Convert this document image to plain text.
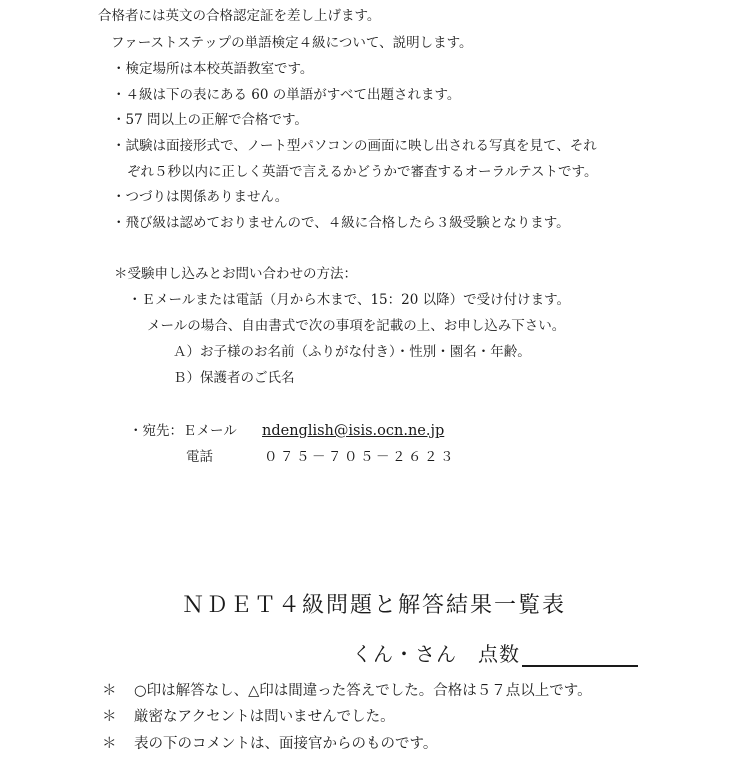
合格者には英文の合格認定証を差し上げます。
ファーストステップの単語検定４級について、説明します。
・検定場所は本校英語教室です。
・４級は下の表にある 60 の単語がすべて出題されます。
・57 問以上の正解で合格です。
・試験は面接形式で、ノート型パソコンの画面に映し出される写真を見て、それ
ぞれ５秒以内に正しく英語で言えるかどうかで審査するオーラルテストです。
・つづりは関係ありません。
・飛び級は認めておりませんので、４級に合格したら３級受験となります。
＊受験申し込みとお問い合わせの方法：
・Ｅメールまたは電話（月から木まで、15：20 以降）で受け付けます。
メールの場合、自由書式で次の事項を記載の上、お申し込み下さい。
Ａ）お子様のお名前（ふりがな付き）・性別・園名・年齢。
Ｂ）保護者のご氏名
・宛先：Ｅメール ndenglish@isis.ocn.ne.jp
電話	０７５－７０５－２６２３
ＮＤＥＴ４級問題と解答結果一覧表
くん・さん　点数
＊ ○印は解答なし、△印は間違った答えでした。合格は５７点以上です。
＊ 厳密なアクセントは問いませんでした。
＊ 表の下のコメントは、面接官からのものです。
